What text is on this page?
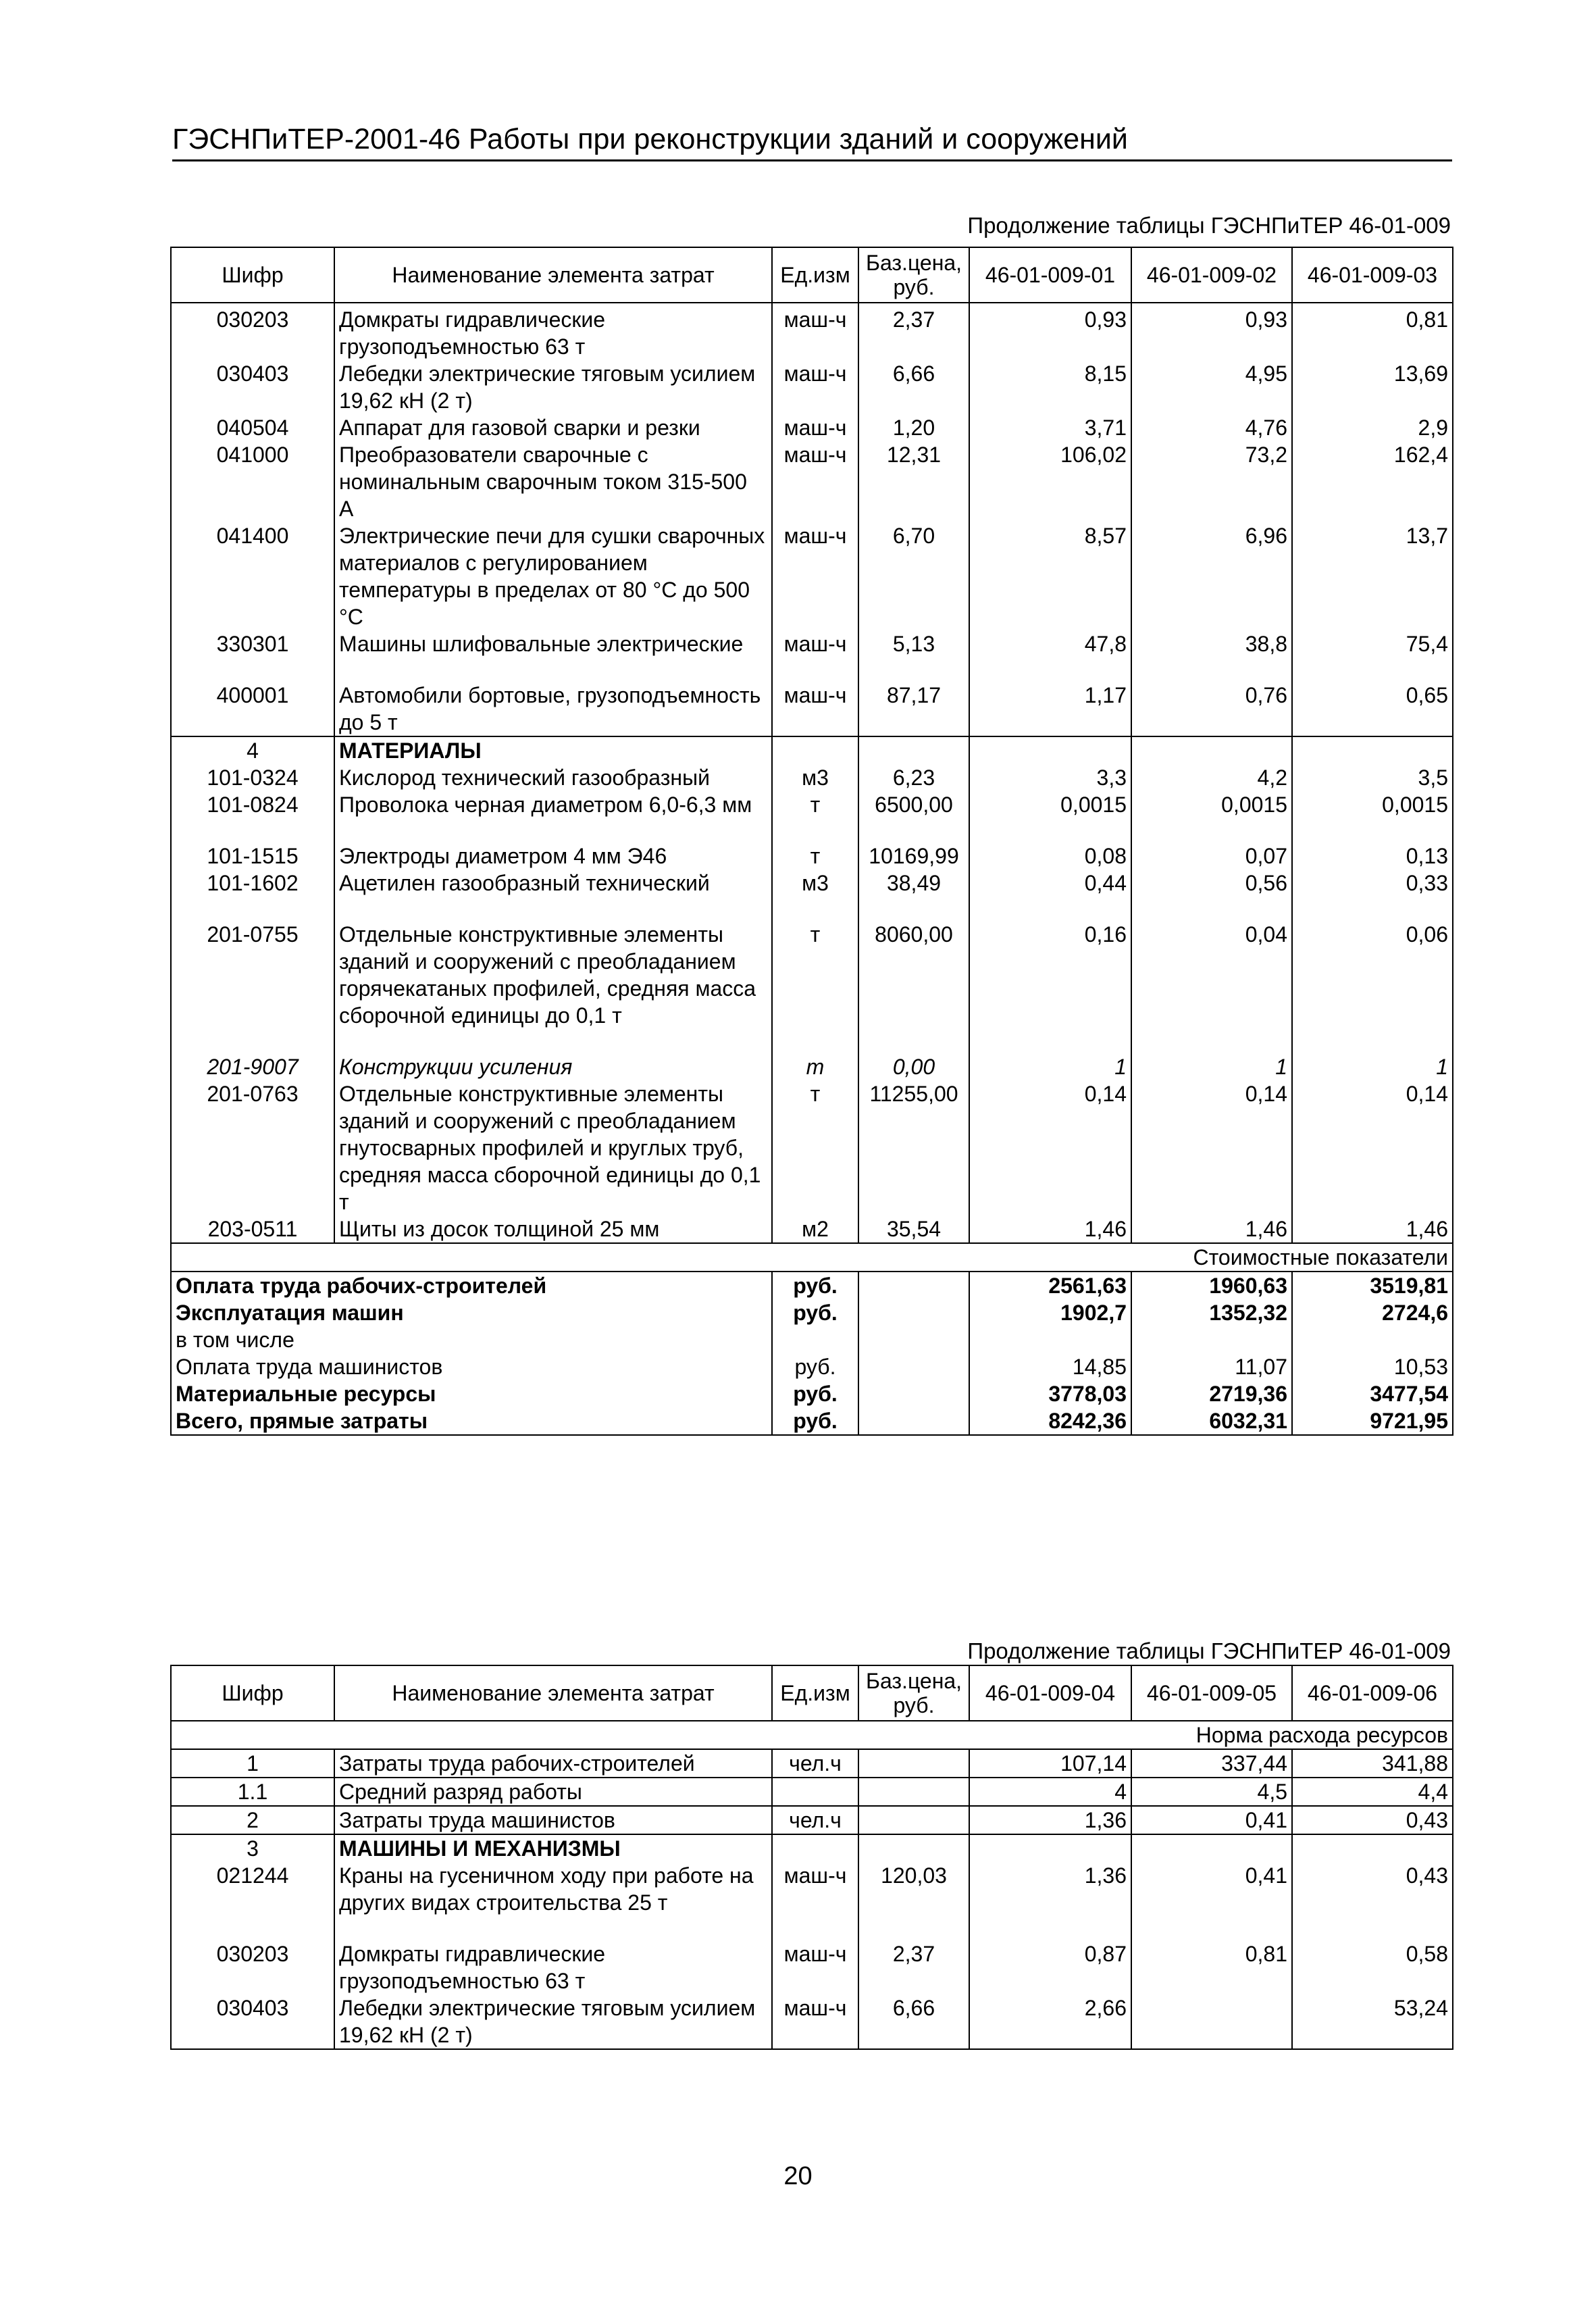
ГЭСНПиТЕР-2001-46 Работы при реконструкции зданий и сооружений
Продолжение таблицы ГЭСНПиТЕР 46-01-009
Шифр	Наименование элемента затрат	Ед.изм	Баз.цена, руб.	46-01-009-01	46-01-009-02	46-01-009-03
030203	Домкраты гидравлические грузоподъемностью 63 т	маш-ч	2,37	0,93	0,93	0,81
030403	Лебедки электрические тяговым усилием 19,62 кН (2 т)	маш-ч	6,66	8,15	4,95	13,69
040504	Аппарат для газовой сварки и резки	маш-ч	1,20	3,71	4,76	2,9
041000	Преобразователи сварочные с номинальным сварочным током 315-500 А	маш-ч	12,31	106,02	73,2	162,4
041400	Электрические печи для сушки сварочных материалов с регулированием температуры в пределах от 80 °С до 500 °С	маш-ч	6,70	8,57	6,96	13,7
330301	Машины шлифовальные электрические	маш-ч	5,13	47,8	38,8	75,4

400001	Автомобили бортовые, грузоподъемность до 5 т	маш-ч	87,17	1,17	0,76	0,65
4	МАТЕРИАЛЫ					
101-0324	Кислород технический газообразный	м3	6,23	3,3	4,2	3,5
101-0824	Проволока черная диаметром 6,0-6,3 мм	т	6500,00	0,0015	0,0015	0,0015

101-1515	Электроды диаметром 4 мм Э46	т	10169,99	0,08	0,07	0,13
101-1602	Ацетилен газообразный технический	м3	38,49	0,44	0,56	0,33

201-0755	Отдельные конструктивные элементы зданий и сооружений с преобладанием горячекатаных профилей, средняя масса сборочной единицы до 0,1 т	т	8060,00	0,16	0,04	0,06

201-9007	Конструкции усиления	т	0,00	1	1	1
201-0763	Отдельные конструктивные элементы зданий и сооружений с преобладанием гнутосварных профилей и круглых труб, средняя масса сборочной единицы до 0,1 т	т	11255,00	0,14	0,14	0,14
203-0511	Щиты из досок толщиной 25 мм	м2	35,54	1,46	1,46	1,46
Стоимостные показатели						
Оплата труда рабочих-строителей		руб.		2561,63	1960,63	3519,81
Эксплуатация машин		руб.		1902,7	1352,32	2724,6
в том числе						
Оплата труда машинистов		руб.		14,85	11,07	10,53
Материальные ресурсы		руб.		3778,03	2719,36	3477,54
Всего, прямые затраты		руб.		8242,36	6032,31	9721,95
Продолжение таблицы ГЭСНПиТЕР 46-01-009
Шифр	Наименование элемента затрат	Ед.изм	Баз.цена, руб.	46-01-009-04	46-01-009-05	46-01-009-06
Норма расхода ресурсов						
1	Затраты труда рабочих-строителей	чел.ч		107,14	337,44	341,88
1.1	Средний разряд работы			4	4,5	4,4
2	Затраты труда машинистов	чел.ч		1,36	0,41	0,43
3	МАШИНЫ И МЕХАНИЗМЫ					
021244	Краны на гусеничном ходу при работе на других видах строительства 25 т	маш-ч	120,03	1,36	0,41	0,43

030203	Домкраты гидравлические грузоподъемностью 63 т	маш-ч	2,37	0,87	0,81	0,58
030403	Лебедки электрические тяговым усилием 19,62 кН (2 т)	маш-ч	6,66	2,66		53,24
20
